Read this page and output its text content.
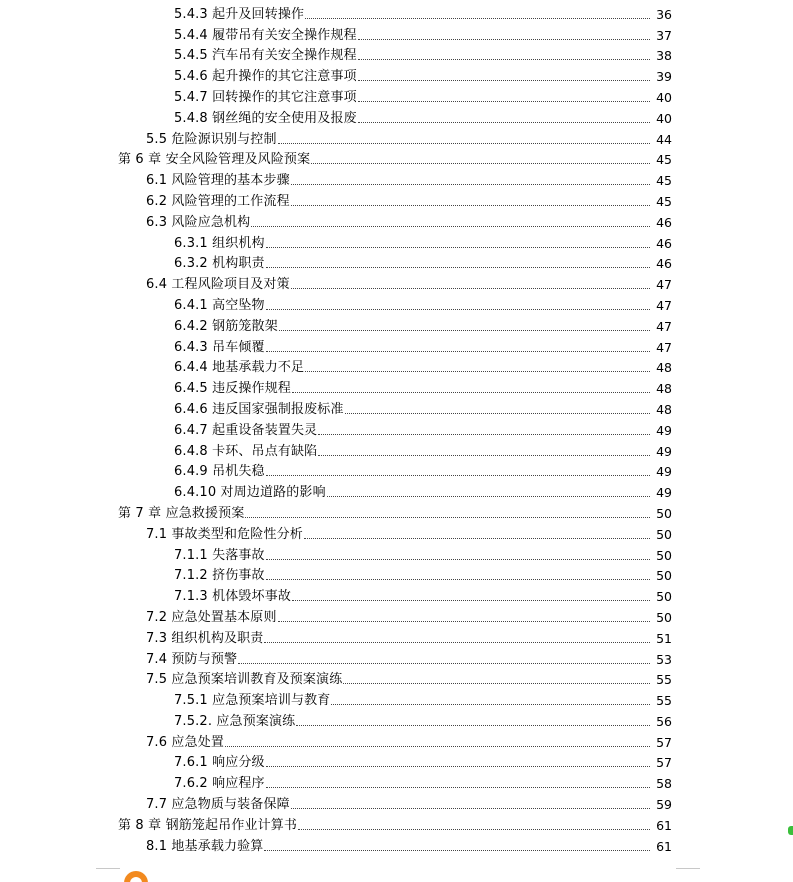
5.4.3 起升及回转操作	36
5.4.4 履带吊有关安全操作规程	37
5.4.5 汽车吊有关安全操作规程	38
5.4.6 起升操作的其它注意事项	39
5.4.7 回转操作的其它注意事项	40
5.4.8 钢丝绳的安全使用及报废	40
5.5 危险源识别与控制	44
第 6 章 安全风险管理及风险预案	45
6.1 风险管理的基本步骤	45
6.2 风险管理的工作流程	45
6.3 风险应急机构	46
6.3.1 组织机构	46
6.3.2 机构职责	46
6.4 工程风险项目及对策	47
6.4.1 高空坠物	47
6.4.2 钢筋笼散架	47
6.4.3 吊车倾覆	47
6.4.4 地基承载力不足	48
6.4.5 违反操作规程	48
6.4.6 违反国家强制报废标准	48
6.4.7 起重设备装置失灵	49
6.4.8 卡环、吊点有缺陷	49
6.4.9 吊机失稳	49
6.4.10 对周边道路的影响	49
第 7 章 应急救援预案	50
7.1 事故类型和危险性分析	50
7.1.1 失落事故	50
7.1.2 挤伤事故	50
7.1.3 机体毁坏事故	50
7.2 应急处置基本原则	50
7.3 组织机构及职责	51
7.4 预防与预警	53
7.5 应急预案培训教育及预案演练	55
7.5.1 应急预案培训与教育	55
7.5.2. 应急预案演练	56
7.6 应急处置	57
7.6.1 响应分级	57
7.6.2 响应程序	58
7.7 应急物质与装备保障	59
第 8 章 钢筋笼起吊作业计算书	61
8.1 地基承载力验算	61
